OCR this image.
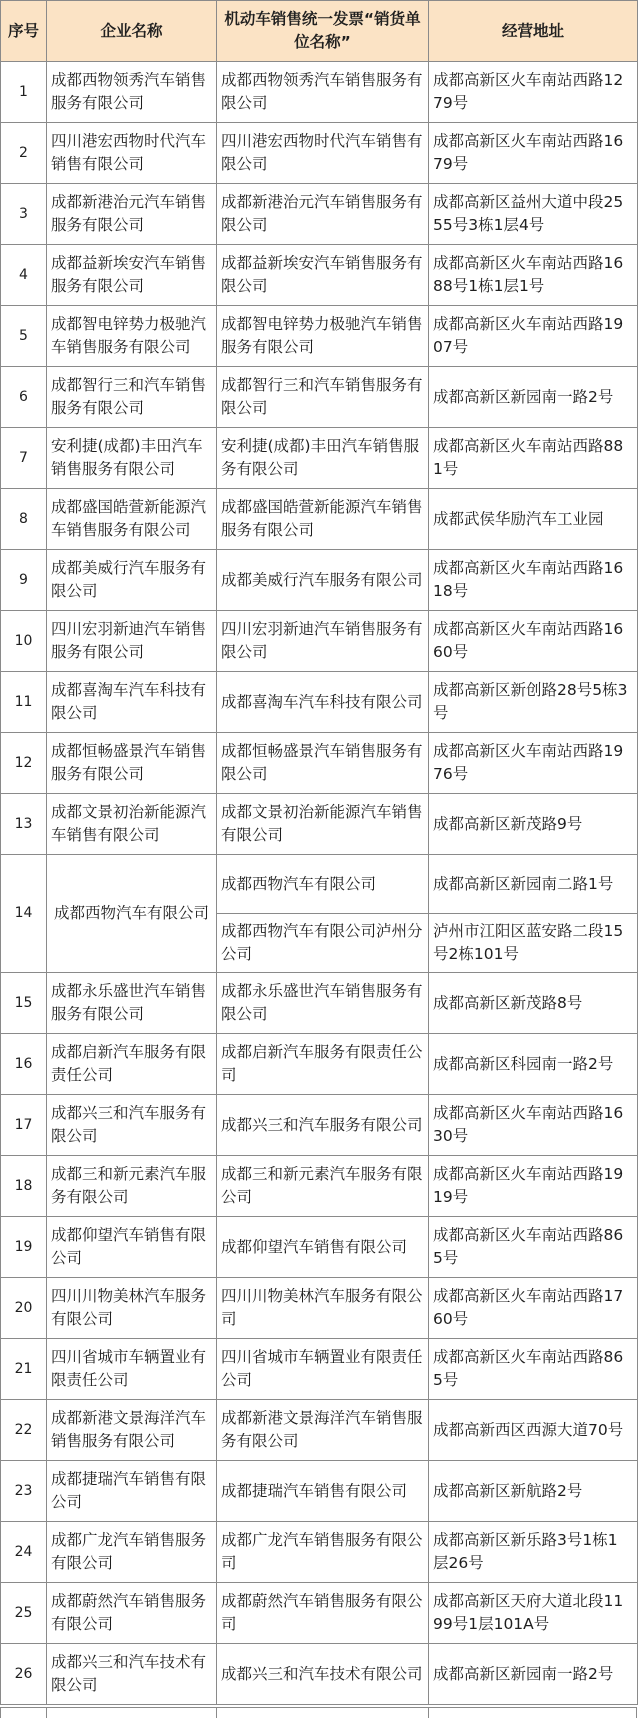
序号	企业名称	机动车销售统一发票“销货单位名称”	经营地址
1	成都西物领秀汽车销售服务有限公司	成都西物领秀汽车销售服务有限公司	成都高新区火车南站西路1279号
2	四川港宏西物时代汽车销售有限公司	四川港宏西物时代汽车销售有限公司	成都高新区火车南站西路1679号
3	成都新港治元汽车销售服务有限公司	成都新港治元汽车销售服务有限公司	成都高新区益州大道中段2555号3栋1层4号
4	成都益新埃安汽车销售服务有限公司	成都益新埃安汽车销售服务有限公司	成都高新区火车南站西路1688号1栋1层1号
5	成都智电锌势力极驰汽车销售服务有限公司	成都智电锌势力极驰汽车销售服务有限公司	成都高新区火车南站西路1907号
6	成都智行三和汽车销售服务有限公司	成都智行三和汽车销售服务有限公司	成都高新区新园南一路2号
7	安利捷(成都)丰田汽车销售服务有限公司	安利捷(成都)丰田汽车销售服务有限公司	成都高新区火车南站西路881号
8	成都盛国皓萱新能源汽车销售服务有限公司	成都盛国皓萱新能源汽车销售服务有限公司	成都武侯华励汽车工业园
9	成都美威行汽车服务有限公司	成都美威行汽车服务有限公司	成都高新区火车南站西路1618号
10	四川宏羽新迪汽车销售服务有限公司	四川宏羽新迪汽车销售服务有限公司	成都高新区火车南站西路1660号
11	成都喜淘车汽车科技有限公司	成都喜淘车汽车科技有限公司	成都高新区新创路28号5栋3号
12	成都恒畅盛景汽车销售服务有限公司	成都恒畅盛景汽车销售服务有限公司	成都高新区火车南站西路1976号
13	成都文景初治新能源汽车销售有限公司	成都文景初治新能源汽车销售有限公司	成都高新区新茂路9号
14	成都西物汽车有限公司	成都西物汽车有限公司	成都高新区新园南二路1号
		成都西物汽车有限公司泸州分公司	泸州市江阳区蓝安路二段15号2栋101号
15	成都永乐盛世汽车销售服务有限公司	成都永乐盛世汽车销售服务有限公司	成都高新区新茂路8号
16	成都启新汽车服务有限责任公司	成都启新汽车服务有限责任公司	成都高新区科园南一路2号
17	成都兴三和汽车服务有限公司	成都兴三和汽车服务有限公司	成都高新区火车南站西路1630号
18	成都三和新元素汽车服务有限公司	成都三和新元素汽车服务有限公司	成都高新区火车南站西路1919号
19	成都仰望汽车销售有限公司	成都仰望汽车销售有限公司	成都高新区火车南站西路865号
20	四川川物美林汽车服务有限公司	四川川物美林汽车服务有限公司	成都高新区火车南站西路1760号
21	四川省城市车辆置业有限责任公司	四川省城市车辆置业有限责任公司	成都高新区火车南站西路865号
22	成都新港文景海洋汽车销售服务有限公司	成都新港文景海洋汽车销售服务有限公司	成都高新西区西源大道70号
23	成都捷瑞汽车销售有限公司	成都捷瑞汽车销售有限公司	成都高新区新航路2号
24	成都广龙汽车销售服务有限公司	成都广龙汽车销售服务有限公司	成都高新区新乐路3号1栋1层26号
25	成都蔚然汽车销售服务有限公司	成都蔚然汽车销售服务有限公司	成都高新区天府大道北段1199号1层101A号
26	成都兴三和汽车技术有限公司	成都兴三和汽车技术有限公司	成都高新区新园南一路2号
